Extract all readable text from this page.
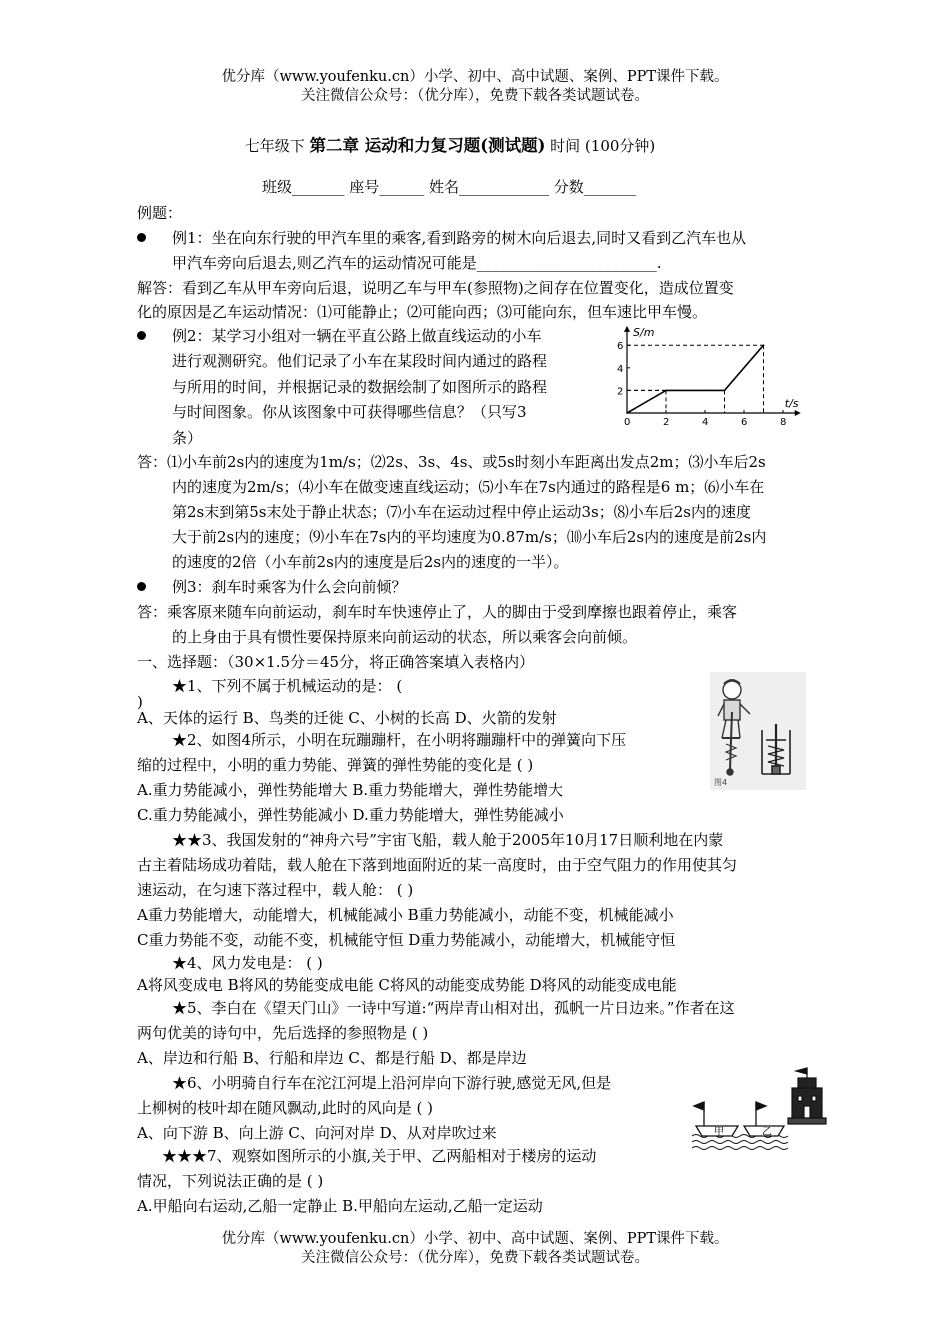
优分库（www.youfenku.cn）小学、初中、高中试题、案例、PPT课件下载。
关注微信公众号：（优分库），免费下载各类试题试卷。
七年级下 第二章 运动和力复习题(测试题) 时间 (100分钟)
班级_______ 座号______ 姓名____________ 分数_______
例题：
例1：坐在向东行驶的甲汽车里的乘客,看到路旁的树木向后退去,同时又看到乙汽车也从
甲汽车旁向后退去,则乙汽车的运动情况可能是________________________.
解答：看到乙车从甲车旁向后退，说明乙车与甲车(参照物)之间存在位置变化，造成位置变
化的原因是乙车运动情况：⑴可能静止；⑵可能向西；⑶可能向东，但车速比甲车慢。
例2：某学习小组对一辆在平直公路上做直线运动的小车
进行观测研究。他们记录了小车在某段时间内通过的路程
与所用的时间，并根据记录的数据绘制了如图所示的路程
与时间图象。你从该图象中可获得哪些信息？（只写3
条）
t/s
S/m
0	2	4	6	8
2
4
6
答：⑴小车前2s内的速度为1m/s；⑵2s、3s、4s、或5s时刻小车距离出发点2m；⑶小车后2s
内的速度为2m/s；⑷小车在做变速直线运动；⑸小车在7s内通过的路程是6 m；⑹小车在
第2s末到第5s末处于静止状态；⑺小车在运动过程中停止运动3s；⑻小车后2s内的速度
大于前2s内的速度；⑼小车在7s内的平均速度为0.87m/s；⑽小车后2s内的速度是前2s内
的速度的2倍（小车前2s内的速度是后2s内的速度的一半）。
例3：刹车时乘客为什么会向前倾？
答：乘客原来随车向前运动，刹车时车快速停止了，人的脚由于受到摩擦也跟着停止，乘客
的上身由于具有惯性要保持原来向前运动的状态，所以乘客会向前倾。
一、选择题：（30×1.5分＝45分，将正确答案填入表格内）
★1、下列不属于机械运动的是： (
)
A、天体的运行 B、鸟类的迁徙 C、小树的长高 D、火箭的发射
图4
★2、如图4所示，小明在玩蹦蹦杆，在小明将蹦蹦杆中的弹簧向下压
缩的过程中，小明的重力势能、弹簧的弹性势能的变化是 ( )
A.重力势能减小，弹性势能增大 B.重力势能增大，弹性势能增大
C.重力势能减小，弹性势能减小 D.重力势能增大，弹性势能减小
★★3、我国发射的“神舟六号”宇宙飞船，载人舱于2005年10月17日顺利地在内蒙
古主着陆场成功着陆，载人舱在下落到地面附近的某一高度时，由于空气阻力的作用使其匀
速运动，在匀速下落过程中，载人舱： ( )
A重力势能增大，动能增大，机械能减小 B重力势能减小，动能不变，机械能减小
C重力势能不变，动能不变，机械能守恒 D重力势能减小，动能增大，机械能守恒
★4、风力发电是： ( )
A将风变成电 B将风的势能变成电能 C将风的动能变成势能 D将风的动能变成电能
★5、李白在《望天门山》一诗中写道:“两岸青山相对出，孤帆一片日边来。”作者在这
两句优美的诗句中，先后选择的参照物是 ( )
A、岸边和行船 B、行船和岸边 C、都是行船 D、都是岸边
★6、小明骑自行车在沱江河堤上沿河岸向下游行驶,感觉无风,但是
上柳树的枝叶却在随风飘动,此时的风向是 ( )
A、向下游 B、向上游 C、向河对岸 D、从对岸吹过来	甲	乙
★★★7、观察如图所示的小旗,关于甲、乙两船相对于楼房的运动
情况，下列说法正确的是 ( )
A.甲船向右运动,乙船一定静止 B.甲船向左运动,乙船一定运动
优分库（www.youfenku.cn）小学、初中、高中试题、案例、PPT课件下载。
关注微信公众号：（优分库），免费下载各类试题试卷。
